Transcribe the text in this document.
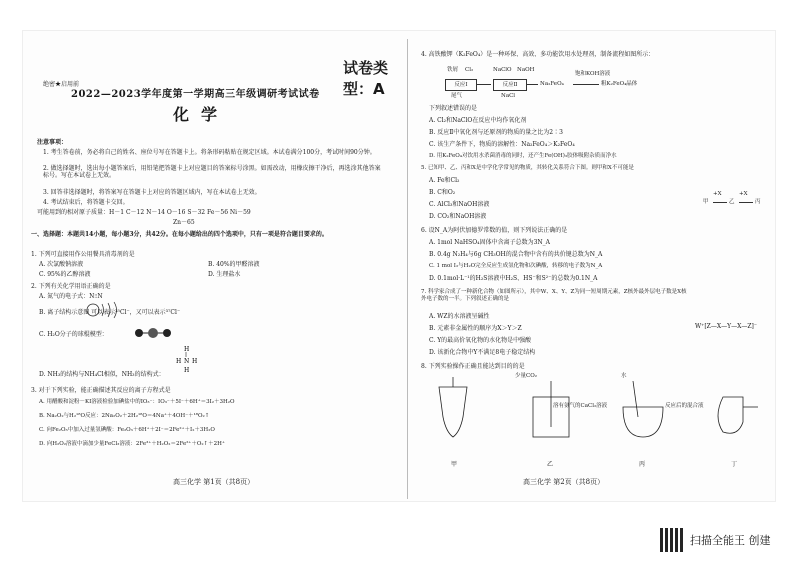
试卷类型：A
绝密★启用前
2022—2023学年度第一学期高三年级调研考试试卷
化学
注意事项：
1. 考生答卷前，务必将自己的姓名、座位号写在答题卡上。将条形码粘贴在规定区域。本试卷满分100分，考试时间90分钟。
2. 做选择题时，选出每小题答案后，用铅笔把答题卡上对应题目的答案标号涂黑。如需改动，用橡皮擦干净后，再选涂其他答案标号。写在本试卷上无效。
3. 回答非选择题时，将答案写在答题卡上对应的答题区域内，写在本试卷上无效。
4. 考试结束后，将答题卡交回。
可能用到的相对原子质量：H－1 C－12 N－14 O－16 S－32 Fe－56 Ni－59
Zn－65
一、选择题：本题共14小题，每小题3分，共42分。在每小题给出的四个选项中，只有一项是符合题目要求的。
1. 下列可直接用作公用餐具消毒剂的是
A. 次氯酸钠溶液	B. 40%的甲醛溶液
C. 95%的乙醇溶液	D. 生理盐水
2. 下列有关化学用语正确的是
A. 氮气的电子式：N⫶⫶N
B. 离子结构示意图 可以表示³⁵Cl⁻，又可以表示³⁷Cl⁻
C. H₂O分子的球棍模型：
H
H N H
H
D. NH₃的结构与NH₄Cl相似，NH₃的结构式：
3. 对于下列实验，能正确描述其反应的离子方程式是
A. 用醋酸和淀粉－KI溶液检验加碘盐中的IO₃⁻：IO₃⁻＋5I⁻＋6H⁺＝3I₂＋3H₂O
B. Na₂O₂与H₂¹⁸O反应：2Na₂O₂＋2H₂¹⁸O＝4Na⁺＋4OH⁻＋¹⁸O₂↑
C. 向Fe₂O₃中加入过量氢碘酸：Fe₂O₃＋6H⁺＋2I⁻＝2Fe²⁺＋I₂＋3H₂O
D. 向H₂O₂溶液中滴加少量FeCl₃溶液：2Fe³⁺＋H₂O₂＝2Fe²⁺＋O₂↑＋2H⁺
高三化学 第1页（共8页）
4. 高铁酸钾（K₂FeO₄）是一种环保、高效、多功能饮用水处理剂，制备流程如图所示：
铁屑 Cl₂	NaClO NaOH
反应Ⅰ	反应Ⅱ	Na₂FeO₄
饱和KOH溶液
粗K₂FeO₄晶体
尾气	NaCl
下列叙述错误的是
A. Cl₂和NaClO在反应中均作氧化剂
B. 反应Ⅱ中氧化剂与还原剂的物质的量之比为2∶3
C. 该生产条件下，物质的溶解性：Na₂FeO₄＞K₂FeO₄
D. 用K₂FeO₄对饮用水杀菌消毒的同时，还产生Fe(OH)₃胶体吸附杂质而净水
5. 已知甲、乙、丙和X是中学化学常见的物质，其转化关系符合下图。则甲和X不可能是
A. Fe和Cl₂
B. C和O₂
C. AlCl₃和NaOH溶液
D. CO₂和NaOH溶液
甲
+X
乙
+X
丙
6. 设N_A为阿伏加德罗常数的值，则下列说法正确的是
A. 1mol NaHSO₄固体中含离子总数为3N_A
B. 0.4g N₂H₄与6g CH₃OH的混合物中含有的共价键总数为N_A
C. 1 mol I₂与H₂O完全反应生成氢化物和次碘酸，转移的电子数为N_A
D. 0.1mol·L⁻¹的H₂S溶液中H₂S、HS⁻和S²⁻的总数为0.1N_A
7. 科学家合成了一种新化合物（如图所示），其中W、X、Y、Z为同一短周期元素，Z核外最外层电子数是X核外电子数的一半。下列叙述正确的是
A. WZ的水溶液呈碱性
B. 元素非金属性的顺序为X＞Y＞Z
C. Y的最高价氧化物的水化物是中强酸
D. 该新化合物中Y不满足8电子稳定结构
W⁺[Z—X—Y—X—Z]⁻
8. 下列实验操作正确且能达到目的的是
少量CO₂
溶有氨气的CaCl₂溶液
水
反应后的混合液
甲	乙	丙	丁
高三化学 第2页（共8页）
扫描全能王 创建
